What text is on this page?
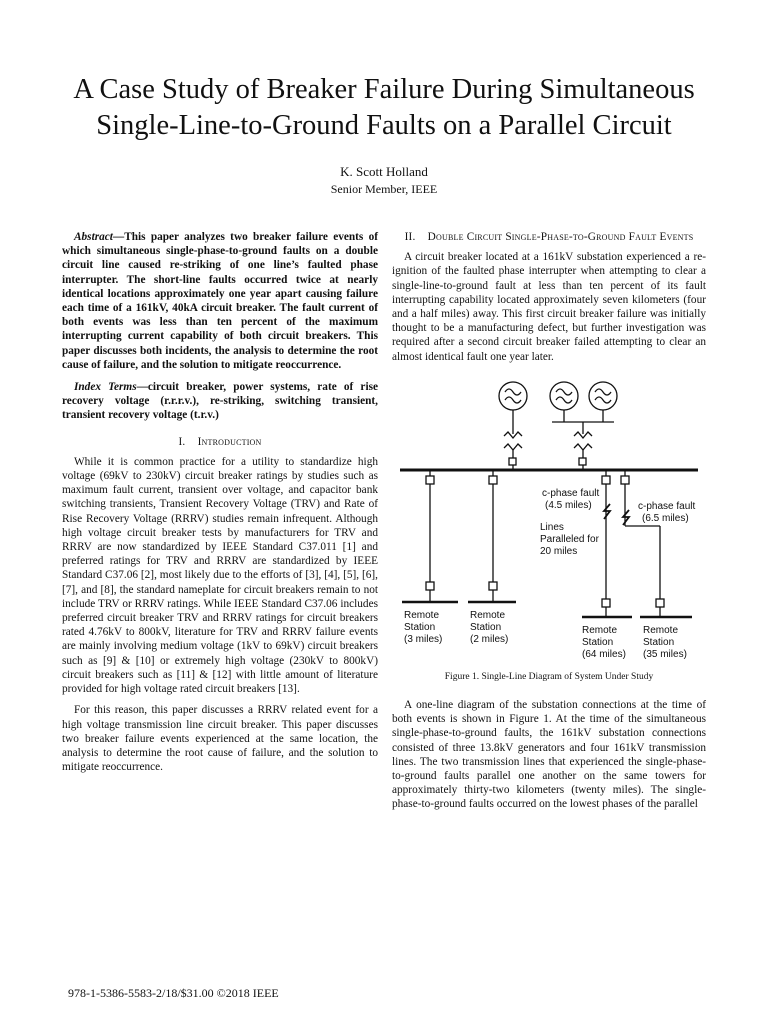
A Case Study of Breaker Failure During Simultaneous
Single-Line-to-Ground Faults on a Parallel Circuit
K. Scott Holland
Senior Member, IEEE

Abstract—This paper analyzes two breaker failure events of which simultaneous single-phase-to-ground faults on a double circuit line caused re-striking of one line’s faulted phase interrupter. The short-line faults occurred twice at nearly identical locations approximately one year apart causing failure each time of a 161kV, 40kA circuit breaker. The fault current of both events was less than ten percent of the maximum interrupting current capability of both circuit breakers. This paper discusses both incidents, the analysis to determine the root cause of failure, and the solution to mitigate reoccurrence.

Index Terms—circuit breaker, power systems, rate of rise recovery voltage (r.r.r.v.), re-striking, switching transient, transient recovery voltage (t.r.v.)

I. Introduction

While it is common practice for a utility to standardize high voltage (69kV to 230kV) circuit breaker ratings by studies such as maximum fault current, transient over voltage, and capacitor bank switching transients, Transient Recovery Voltage (TRV) and Rate of Rise Recovery Voltage (RRRV) studies remain infrequent. Although high voltage circuit breaker tests by manufacturers for TRV and RRRV are now standardized by IEEE Standard C37.011 [1] and preferred ratings for TRV and RRRV are standardized by IEEE Standard C37.06 [2], most likely due to the efforts of [3], [4], [5], [6], [7], and [8], the standard nameplate for circuit breakers remain to not include TRV or RRRV ratings. While IEEE Standard C37.06 includes preferred circuit breaker TRV and RRRV ratings for circuit breakers rated 4.76kV to 800kV, literature for TRV and RRRV failure events are mainly involving medium voltage (1kV to 69kV) circuit breakers such as [9] & [10] or extremely high voltage (230kV to 800kV) circuit breakers such as [11] & [12] with little amount of literature provided for high voltage rated circuit breakers [13].

For this reason, this paper discusses a RRRV related event for a high voltage transmission line circuit breaker. This paper discusses two breaker failure events experienced at the same location, the analysis to determine the root cause of failure, and the solution to mitigate reoccurrence.

II. Double Circuit Single-Phase-to-Ground Fault Events

A circuit breaker located at a 161kV substation experienced a re-ignition of the faulted phase interrupter when attempting to clear a single-line-to-ground fault at less than ten percent of its fault interrupting capability located approximately seven kilometers (four and a half miles) away. This first circuit breaker failure was initially thought to be a manufacturing defect, but further investigation was required after a second circuit breaker failed attempting to clear an almost identical fault one year later.

c-phase fault
(4.5 miles)	c-phase fault
(6.5 miles)
Lines
Paralleled for
20 miles
Remote
Station
(3 miles)
Remote
Station
(2 miles)
Remote
Station
(64 miles)
Remote
Station
(35 miles)
Figure 1. Single-Line Diagram of System Under Study

A one-line diagram of the substation connections at the time of both events is shown in Figure 1. At the time of the simultaneous single-phase-to-ground faults, the 161kV substation connections consisted of three 13.8kV generators and four 161kV transmission lines. The two transmission lines that experienced the single-phase-to-ground faults parallel one another on the same towers for approximately thirty-two kilometers (twenty miles). The single-phase-to-ground faults occurred on the lowest phases of the parallel

978-1-5386-5583-2/18/$31.00 ©2018 IEEE
